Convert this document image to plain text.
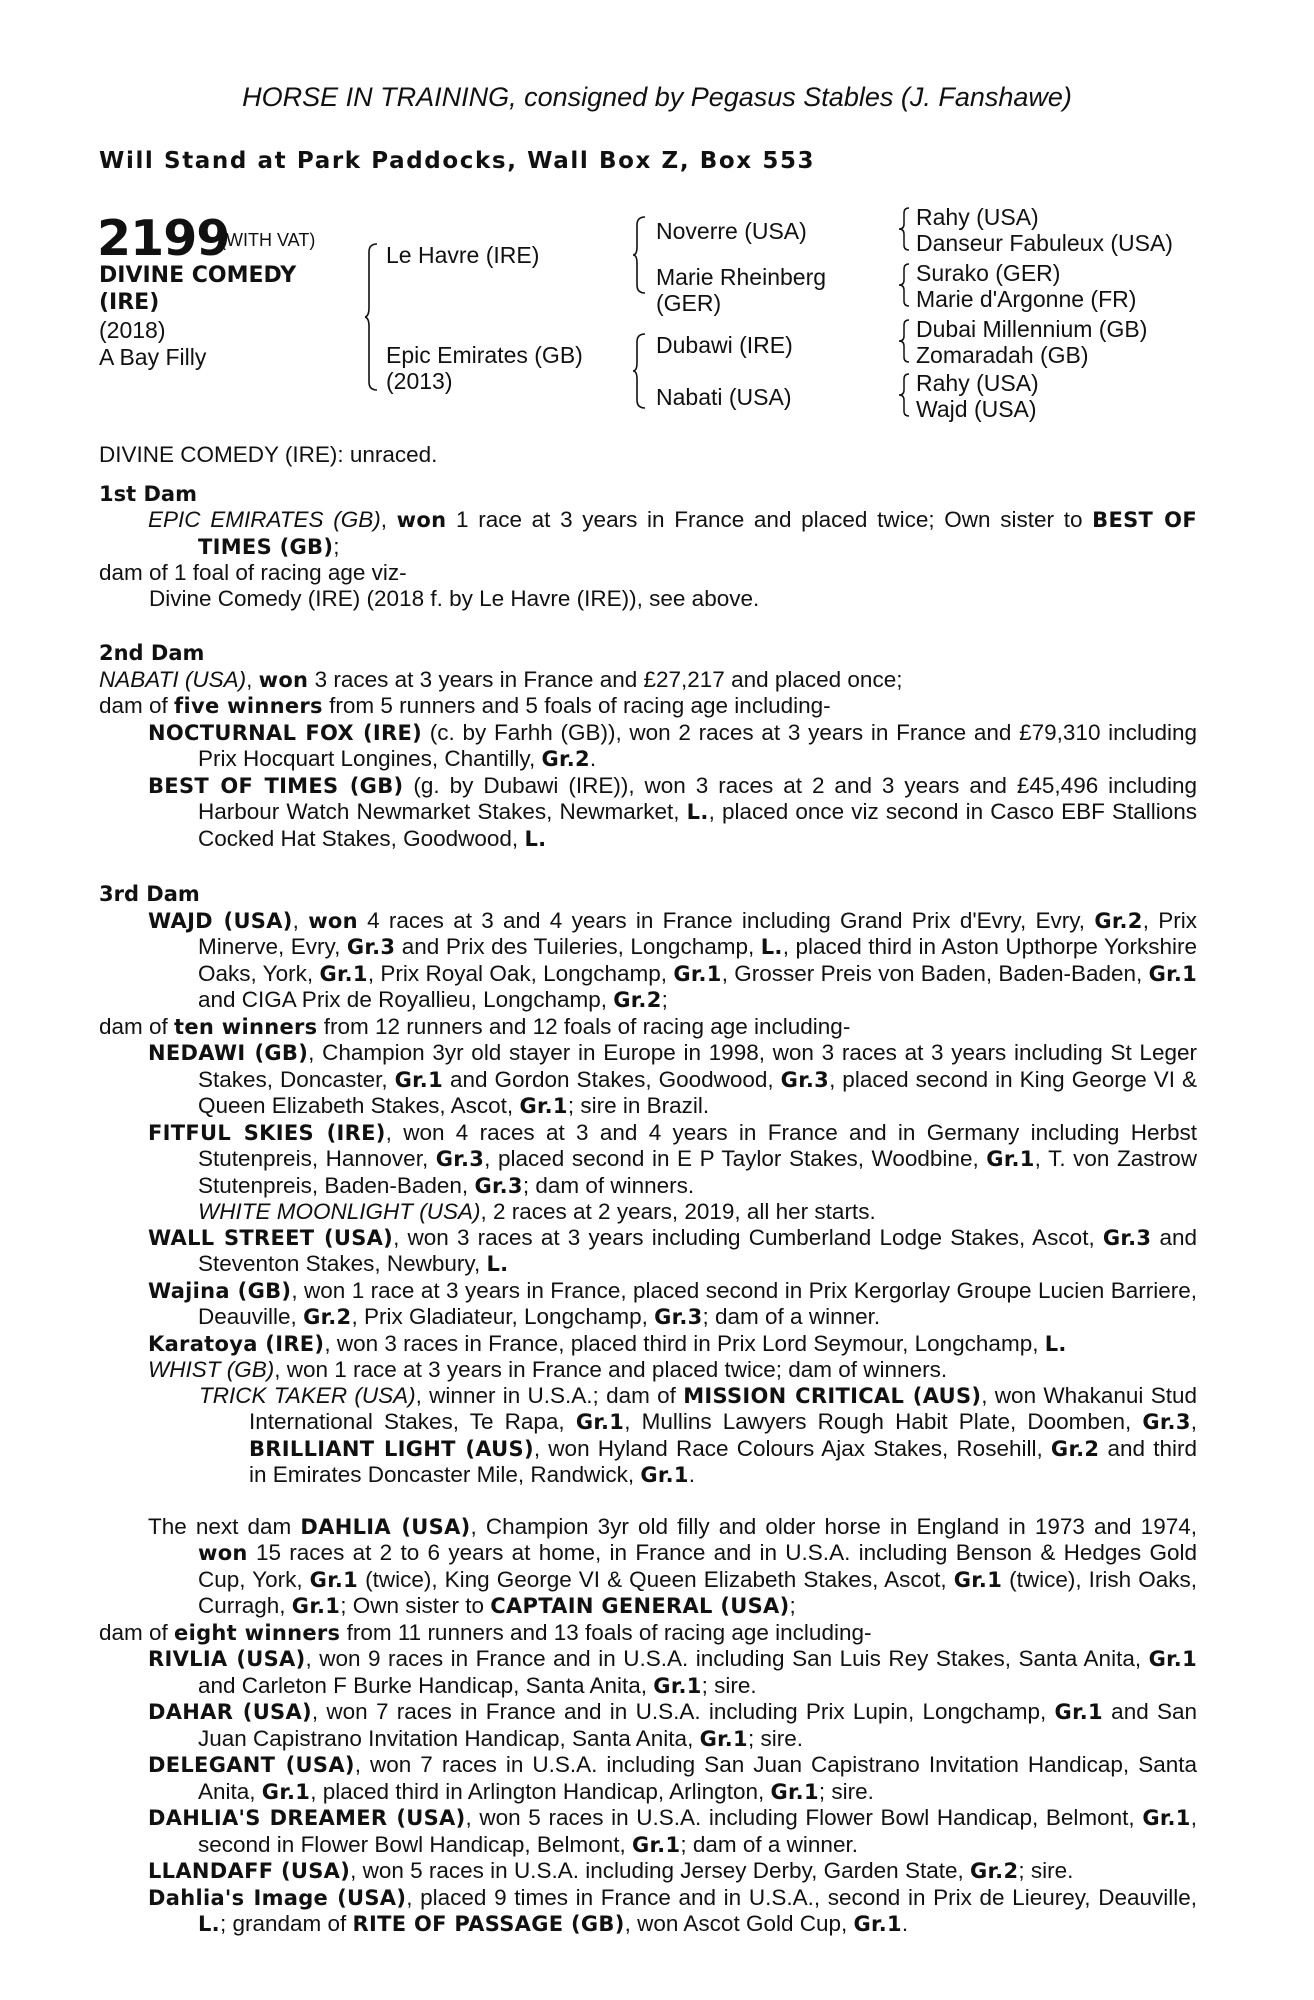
HORSE IN TRAINING, consigned by Pegasus Stables (J. Fanshawe)
Will Stand at Park Paddocks, Wall Box Z, Box 553
2199
(WITH VAT)
DIVINE COMEDY (IRE)
(2018)
A Bay Filly
Le Havre (IRE)
Epic Emirates (GB)
(2013)
Noverre (USA)
Marie Rheinberg
(GER)
Dubawi (IRE)
Nabati (USA)
Rahy (USA)
Danseur Fabuleux (USA)
Surako (GER)
Marie d'Argonne (FR)
Dubai Millennium (GB)
Zomaradah (GB)
Rahy (USA)
Wajd (USA)

DIVINE COMEDY (IRE): unraced.

1st Dam

EPIC EMIRATES (GB), won 1 race at 3 years in France and placed twice; Own sister to BEST OF TIMES (GB);

dam of 1 foal of racing age viz-

Divine Comedy (IRE) (2018 f. by Le Havre (IRE)), see above.

2nd Dam

NABATI (USA), won 3 races at 3 years in France and £27,217 and placed once;

dam of five winners from 5 runners and 5 foals of racing age including-

NOCTURNAL FOX (IRE) (c. by Farhh (GB)), won 2 races at 3 years in France and £79,310 including Prix Hocquart Longines, Chantilly, Gr.2.

BEST OF TIMES (GB) (g. by Dubawi (IRE)), won 3 races at 2 and 3 years and £45,496 including Harbour Watch Newmarket Stakes, Newmarket, L., placed once viz second in Casco EBF Stallions Cocked Hat Stakes, Goodwood, L.

3rd Dam

WAJD (USA), won 4 races at 3 and 4 years in France including Grand Prix d'Evry, Evry, Gr.2, Prix Minerve, Evry, Gr.3 and Prix des Tuileries, Longchamp, L., placed third in Aston Upthorpe Yorkshire Oaks, York, Gr.1, Prix Royal Oak, Longchamp, Gr.1, Grosser Preis von Baden, Baden-Baden, Gr.1 and CIGA Prix de Royallieu, Longchamp, Gr.2;

dam of ten winners from 12 runners and 12 foals of racing age including-

NEDAWI (GB), Champion 3yr old stayer in Europe in 1998, won 3 races at 3 years including St Leger Stakes, Doncaster, Gr.1 and Gordon Stakes, Goodwood, Gr.3, placed second in King George VI & Queen Elizabeth Stakes, Ascot, Gr.1; sire in Brazil.

FITFUL SKIES (IRE), won 4 races at 3 and 4 years in France and in Germany including Herbst Stutenpreis, Hannover, Gr.3, placed second in E P Taylor Stakes, Woodbine, Gr.1, T. von Zastrow Stutenpreis, Baden-Baden, Gr.3; dam of winners.

WHITE MOONLIGHT (USA), 2 races at 2 years, 2019, all her starts.

WALL STREET (USA), won 3 races at 3 years including Cumberland Lodge Stakes, Ascot, Gr.3 and Steventon Stakes, Newbury, L.

Wajina (GB), won 1 race at 3 years in France, placed second in Prix Kergorlay Groupe Lucien Barriere, Deauville, Gr.2, Prix Gladiateur, Longchamp, Gr.3; dam of a winner.

Karatoya (IRE), won 3 races in France, placed third in Prix Lord Seymour, Longchamp, L.

WHIST (GB), won 1 race at 3 years in France and placed twice; dam of winners.

TRICK TAKER (USA), winner in U.S.A.; dam of MISSION CRITICAL (AUS), won Whakanui Stud International Stakes, Te Rapa, Gr.1, Mullins Lawyers Rough Habit Plate, Doomben, Gr.3, BRILLIANT LIGHT (AUS), won Hyland Race Colours Ajax Stakes, Rosehill, Gr.2 and third in Emirates Doncaster Mile, Randwick, Gr.1.

The next dam DAHLIA (USA), Champion 3yr old filly and older horse in England in 1973 and 1974, won 15 races at 2 to 6 years at home, in France and in U.S.A. including Benson & Hedges Gold Cup, York, Gr.1 (twice), King George VI & Queen Elizabeth Stakes, Ascot, Gr.1 (twice), Irish Oaks, Curragh, Gr.1; Own sister to CAPTAIN GENERAL (USA);

dam of eight winners from 11 runners and 13 foals of racing age including-

RIVLIA (USA), won 9 races in France and in U.S.A. including San Luis Rey Stakes, Santa Anita, Gr.1 and Carleton F Burke Handicap, Santa Anita, Gr.1; sire.

DAHAR (USA), won 7 races in France and in U.S.A. including Prix Lupin, Longchamp, Gr.1 and San Juan Capistrano Invitation Handicap, Santa Anita, Gr.1; sire.

DELEGANT (USA), won 7 races in U.S.A. including San Juan Capistrano Invitation Handicap, Santa Anita, Gr.1, placed third in Arlington Handicap, Arlington, Gr.1; sire.

DAHLIA'S DREAMER (USA), won 5 races in U.S.A. including Flower Bowl Handicap, Belmont, Gr.1, second in Flower Bowl Handicap, Belmont, Gr.1; dam of a winner.

LLANDAFF (USA), won 5 races in U.S.A. including Jersey Derby, Garden State, Gr.2; sire.

Dahlia's Image (USA), placed 9 times in France and in U.S.A., second in Prix de Lieurey, Deauville, L.; grandam of RITE OF PASSAGE (GB), won Ascot Gold Cup, Gr.1.
